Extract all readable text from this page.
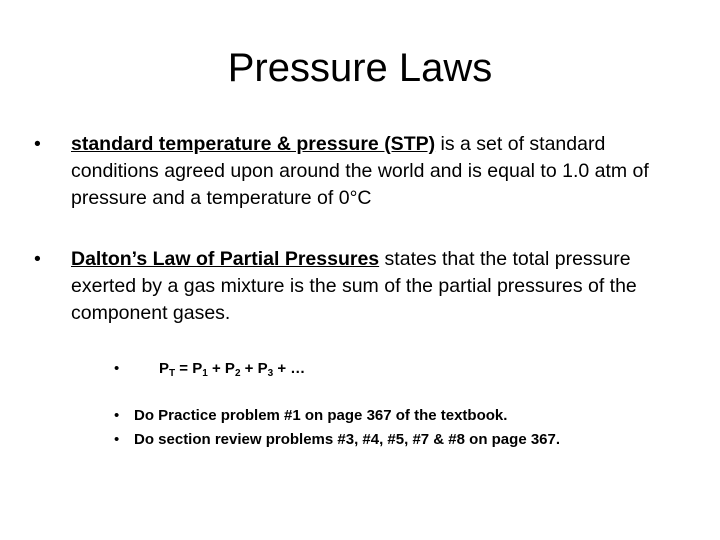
Pressure Laws
• standard temperature & pressure (STP) is a set of standard conditions agreed upon around the world and is equal to 1.0 atm of pressure and a temperature of 0°C
• Dalton’s Law of Partial Pressures states that the total pressure exerted by a gas mixture is the sum of the partial pressures of the component gases.
•	$P_T = P_1 + P_2 + P_3$ + …
• Do Practice problem #1 on page 367 of the textbook.
• Do section review problems #3, #4, #5, #7 & #8 on page 367.
